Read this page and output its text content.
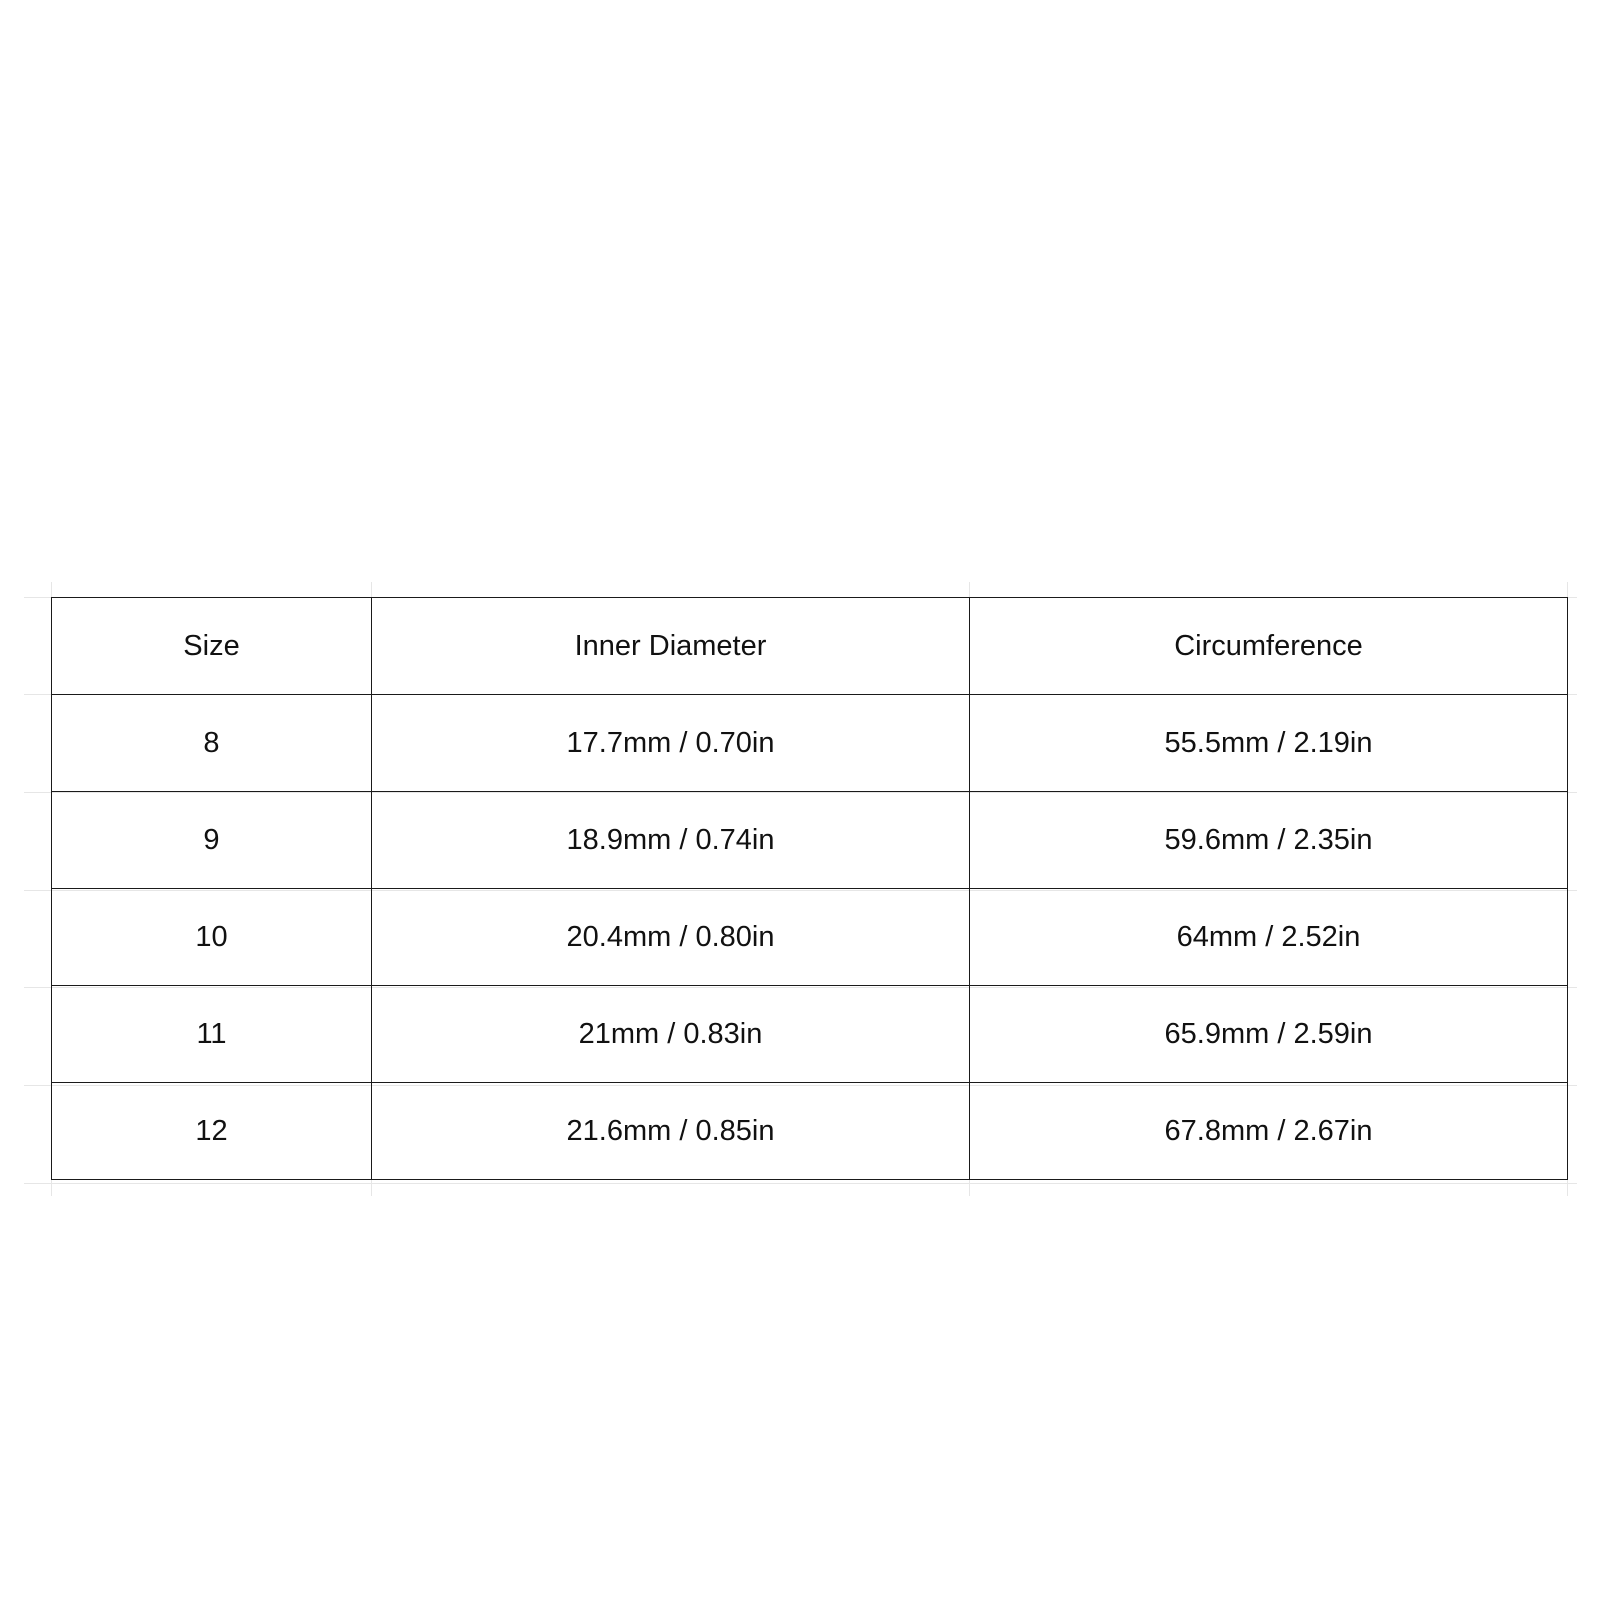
Size	Inner Diameter	Circumference
8	17.7mm / 0.70in	55.5mm / 2.19in
9	18.9mm / 0.74in	59.6mm / 2.35in
10	20.4mm / 0.80in	64mm / 2.52in
11	21mm / 0.83in	65.9mm / 2.59in
12	21.6mm / 0.85in	67.8mm / 2.67in
